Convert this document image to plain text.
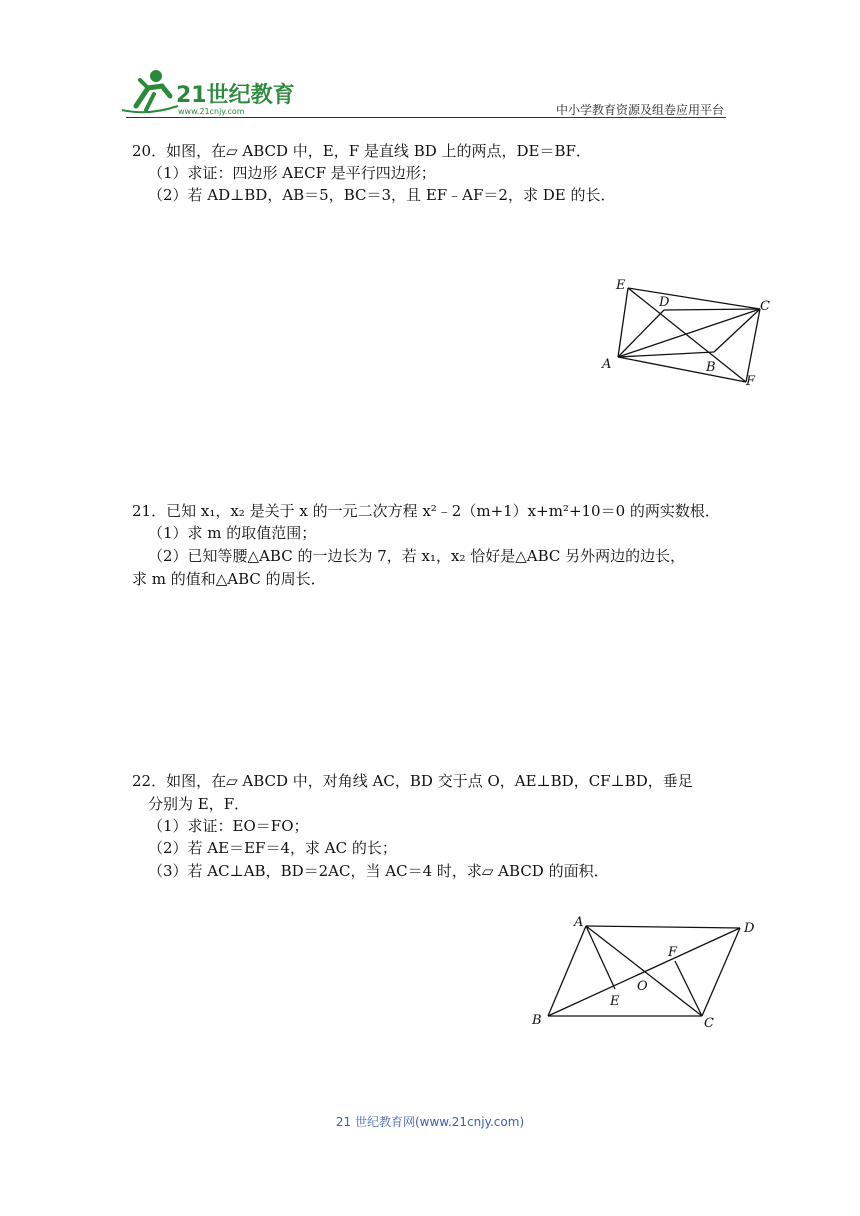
21世纪教育
www.21cnjy.com	中小学教育资源及组卷应用平台
20．如图，在▱ ABCD 中，E，F 是直线 BD 上的两点，DE＝BF．
（1）求证：四边形 AECF 是平行四边形；
（2）若 AD⊥BD，AB＝5，BC＝3，且 EF﹣AF＝2，求 DE 的长．
E
D	C
A	B
F
21．已知 x₁，x₂ 是关于 x 的一元二次方程 x²﹣2（m+1）x+m²+10＝0 的两实数根．
（1）求 m 的取值范围；
（2）已知等腰△ABC 的一边长为 7，若 x₁，x₂ 恰好是△ABC 另外两边的边长，
求 m 的值和△ABC 的周长．
22．如图，在▱ ABCD 中，对角线 AC，BD 交于点 O，AE⊥BD，CF⊥BD，垂足
分别为 E，F．
（1）求证：EO＝FO；
（2）若 AE＝EF＝4，求 AC 的长；
（3）若 AC⊥AB，BD＝2AC，当 AC＝4 时，求▱ ABCD 的面积．
A	D
F
E
O
B	C
21 世纪教育网(www.21cnjy.com)
